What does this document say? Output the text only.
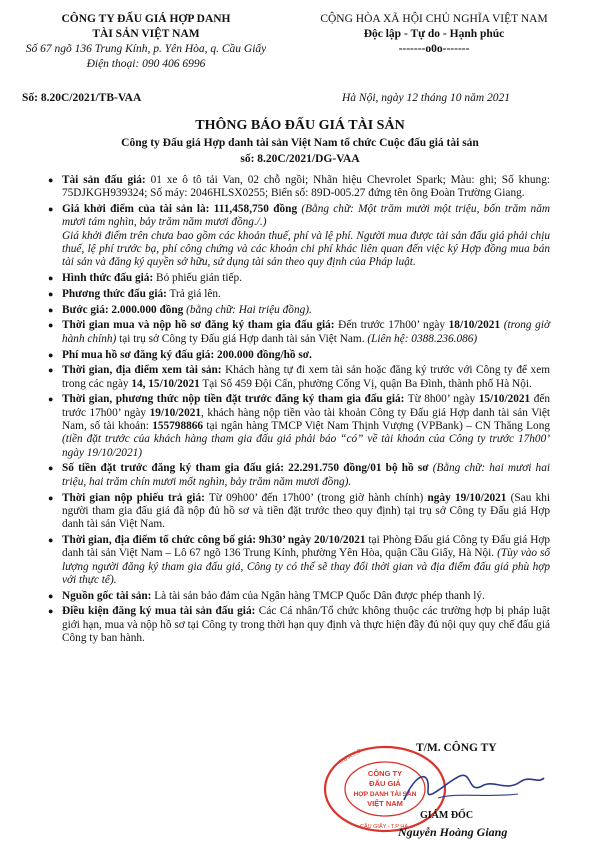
CÔNG TY ĐẤU GIÁ HỢP DANH
TÀI SẢN VIỆT NAM
Số 67 ngõ 136 Trung Kính, p. Yên Hòa, q. Cầu Giấy
Điện thoại: 090 406 6996
CỘNG HÒA XÃ HỘI CHỦ NGHĨA VIỆT NAM
Độc lập - Tự do - Hạnh phúc
-------o0o-------
Số: 8.20C/2021/TB-VAA	Hà Nội, ngày 12 tháng 10 năm 2021
THÔNG BÁO ĐẤU GIÁ TÀI SẢN
Công ty Đấu giá Hợp danh tài sản Việt Nam tổ chức Cuộc đấu giá tài sản
số: 8.20C/2021/DG-VAA
● Tài sản đấu giá: 01 xe ô tô tải Van, 02 chỗ ngồi; Nhãn hiệu Chevrolet Spark; Màu: ghi; Số khung: 75DJKGH939324; Số máy: 2046HLSX0255; Biển số: 89D-005.27 đứng tên ông Đoàn Trường Giang.
● Giá khởi điểm của tài sản là: 111,458,750 đồng (Bằng chữ: Một trăm mười một triệu, bốn trăm năm mươi tám nghìn, bảy trăm năm mươi đồng./.)
Giá khởi điểm trên chưa bao gồm các khoản thuế, phí và lệ phí. Người mua được tài sản đấu giá phải chịu thuế, lệ phí trước bạ, phí công chứng và các khoản chi phí khác liên quan đến việc ký Hợp đồng mua bán tài sản và đăng ký quyền sở hữu, sử dụng tài sản theo quy định của Pháp luật.
● Hình thức đấu giá: Bỏ phiếu gián tiếp.
● Phương thức đấu giá: Trả giá lên.
● Bước giá: 2.000.000 đồng (bằng chữ: Hai triệu đồng).
● Thời gian mua và nộp hồ sơ đăng ký tham gia đấu giá: Đến trước 17h00’ ngày 18/10/2021 (trong giờ hành chính) tại trụ sở Công ty Đấu giá Hợp danh tài sản Việt Nam. (Liên hệ: 0388.236.086)
● Phí mua hồ sơ đăng ký đấu giá: 200.000 đồng/hồ sơ.
● Thời gian, địa điểm xem tài sản: Khách hàng tự đi xem tài sản hoặc đăng ký trước với Công ty để xem trong các ngày 14, 15/10/2021 Tại Số 459 Đội Cấn, phường Cống Vị, quận Ba Đình, thành phố Hà Nội.
● Thời gian, phương thức nộp tiền đặt trước đăng ký tham gia đấu giá: Từ 8h00’ ngày 15/10/2021 đến trước 17h00’ ngày 19/10/2021, khách hàng nộp tiền vào tài khoản Công ty Đấu giá Hợp danh tài sản Việt Nam, số tài khoản: 155798866 tại ngân hàng TMCP Việt Nam Thịnh Vượng (VPBank) – CN Thăng Long (tiền đặt trước của khách hàng tham gia đấu giá phải báo “có” về tài khoản của Công ty trước 17h00’ ngày 19/10/2021)
● Số tiền đặt trước đăng ký tham gia đấu giá: 22.291.750 đồng/01 bộ hồ sơ (Bằng chữ: hai mươi hai triệu, hai trăm chín mươi mốt nghìn, bảy trăm năm mươi đồng).
● Thời gian nộp phiếu trả giá: Từ 09h00’ đến 17h00’ (trong giờ hành chính) ngày 19/10/2021 (Sau khi người tham gia đấu giá đã nộp đủ hồ sơ và tiền đặt trước theo quy định) tại trụ sở Công ty Đấu giá Hợp danh tài sản Việt Nam.
● Thời gian, địa điểm tổ chức công bố giá: 9h30’ ngày 20/10/2021 tại Phòng Đấu giá Công ty Đấu giá Hợp danh tài sản Việt Nam – Lô 67 ngõ 136 Trung Kính, phường Yên Hòa, quận Cầu Giấy, Hà Nội. (Tùy vào số lượng người đăng ký tham gia đấu giá, Công ty có thể sẽ thay đổi thời gian và địa điểm đấu giá phù hợp với thực tế).
● Nguồn gốc tài sản: Là tài sản bảo đảm của Ngân hàng TMCP Quốc Dân được phép thanh lý.
● Điều kiện đăng ký mua tài sản đấu giá: Các Cá nhân/Tổ chức không thuộc các trường hợp bị pháp luật giới hạn, mua và nộp hồ sơ tại Công ty trong thời hạn quy định và thực hiện đầy đủ nội quy quy chế đấu giá Công ty ban hành.
CÔNG TY
ĐẤU GIÁ
HỢP DANH TÀI SẢN
VIỆT NAM
S.Đ.K.K.D
CẦU GIẤY - T.P HÀ
T/M. CÔNG TY
GIÁM ĐỐC
Nguyễn Hoàng Giang
